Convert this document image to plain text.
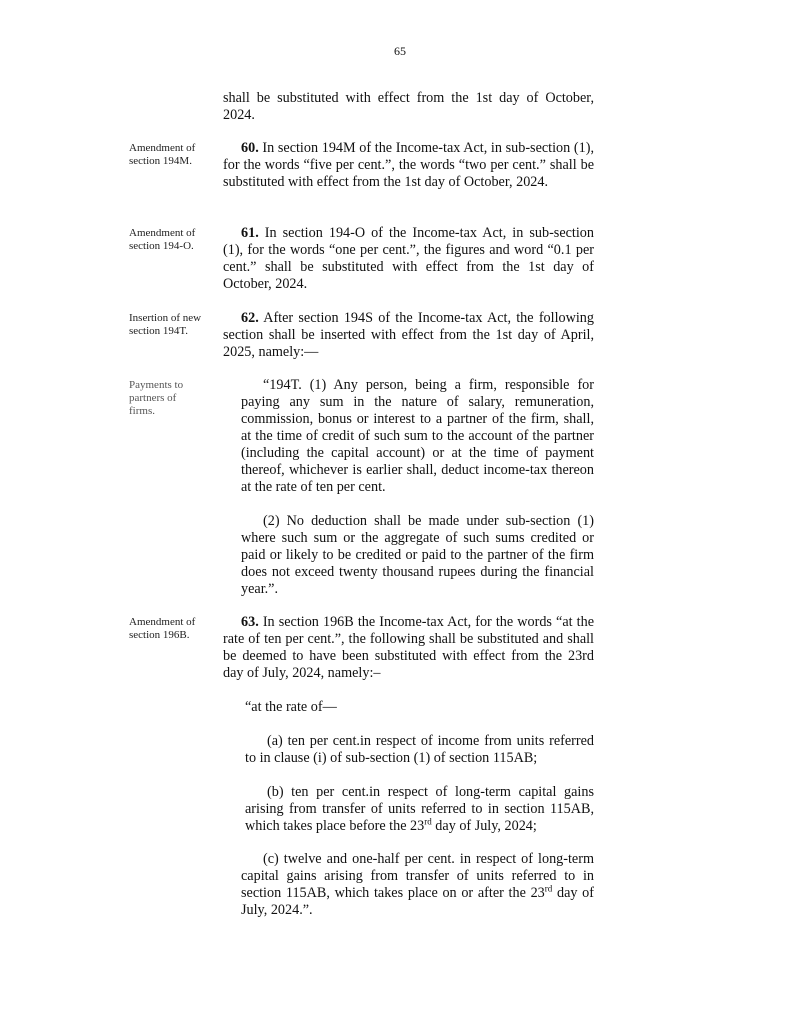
65
shall be substituted with effect from the 1st day of October, 2024.
Amendment of section 194M.
60. In section 194M of the Income-tax Act, in sub-section (1), for the words “five per cent.”, the words “two per cent.” shall be substituted with effect from the 1st day of October, 2024.
Amendment of section 194-O.
61. In section 194-O of the Income-tax Act, in sub-section (1), for the words “one per cent.”, the figures and word “0.1 per cent.” shall be substituted with effect from the 1st day of October, 2024.
Insertion of new section 194T.
62. After section 194S of the Income-tax Act, the following section shall be inserted with effect from the 1st day of April, 2025, namely:—
Payments to partners of firms.
“194T. (1) Any person, being a firm, responsible for paying any sum in the nature of salary, remuneration, commission, bonus or interest to a partner of the firm, shall, at the time of credit of such sum to the account of the partner (including the capital account) or at the time of payment thereof, whichever is earlier shall, deduct income-tax thereon at the rate of ten per cent.
(2) No deduction shall be made under sub-section (1) where such sum or the aggregate of such sums credited or paid or likely to be credited or paid to the partner of the firm does not exceed twenty thousand rupees during the financial year.”.
Amendment of section 196B.
63. In section 196B the Income-tax Act, for the words “at the rate of ten per cent.”, the following shall be substituted and shall be deemed to have been substituted with effect from the 23rd day of July, 2024, namely:–
“at the rate of—
(a) ten per cent.in respect of income from units referred to in clause (i) of sub-section (1) of section 115AB;
(b) ten per cent.in respect of long-term capital gains arising from transfer of units referred to in section 115AB, which takes place before the 23rd day of July, 2024;
(c) twelve and one-half per cent. in respect of long-term capital gains arising from transfer of units referred to in section 115AB, which takes place on or after the 23rd day of July, 2024.”.
